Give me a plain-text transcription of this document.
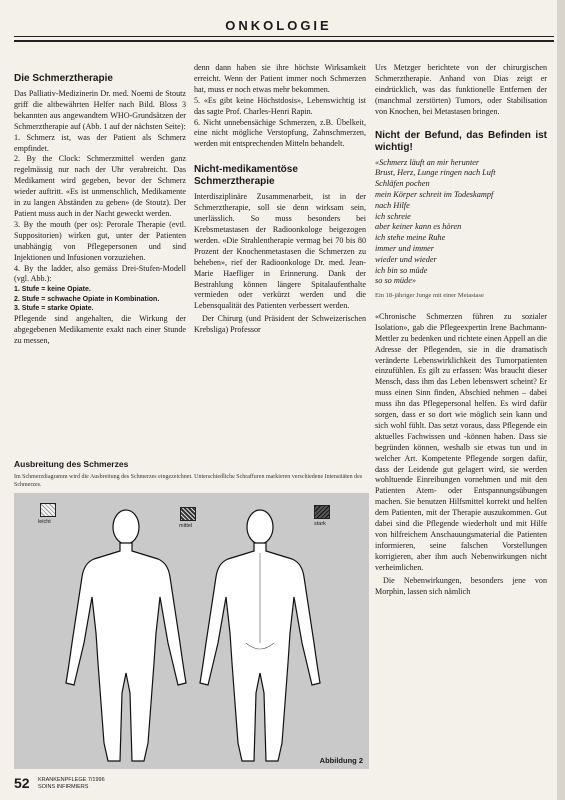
ONKOLOGIE
Die Schmerztherapie

Das Palliativ-Medizinerin Dr. med. Noemi de Stoutz griff die altbewährten Helfer nach Bild. Bloss 3 bekannten aus angewandtem WHO-Grundsätzen der Schmerztherapie auf (Abb. 1 auf der nächsten Seite):

1. Schmerz ist, was der Patient als Schmerz empfindet.
2. By the Clock: Schmerzmittel werden ganz regelmässig nur nach der Uhr verabreicht. Das Medikament wird gegeben, bevor der Schmerz wieder auftritt. «Es ist unmenschlich, Medikamente in zu langen Abständen zu geben» (de Stoutz). Der Patient muss auch in der Nacht geweckt werden.
3. By the mouth (per os): Perorale Therapie (evtl. Suppositorien) wirken gut, unter der Patienten unabhängig von Pflegepersonen und sind Injektionen und Infusionen vorzuziehen.
4. By the ladder, also gemäss Drei-Stufen-Modell (vgl. Abb.):

1. Stufe = keine Opiate.

2. Stufe = schwache Opiate in Kombination.

3. Stufe = starke Opiate.

Pflegende sind angehalten, die Wirkung der abgegebenen Medikamente exakt nach einer Stunde zu messen,

denn dann haben sie ihre höchste Wirksamkeit erreicht. Wenn der Patient immer noch Schmerzen hat, muss er noch etwas mehr bekommen.

5. «Es gibt keine Höchstdosis», Lebenswichtig ist das sagte Prof. Charles-Henri Rapin.
6. Nicht unnebensächige Schmerzen, z.B. Übelkeit, eine nicht mögliche Verstopfung, Zahnschmerzen, werden mit entsprechenden Mitteln behandelt.
Nicht-medikamentöse Schmerztherapie

Interdisziplinäre Zusammenarbeit, ist in der Schmerztherapie, soll sie denn wirksam sein, unerlässlich. So muss besonders bei Krebsmetastasen der Radioonkologe beigezogen werden. «Die Strahlentherapie vermag bei 70 bis 80 Prozent der Knochenmetastasen die Schmerzen zu beheben», rief der Radioonkologe Dr. med. Jean-Marie Haefliger in Erinnerung. Dank der Bestrahlung können längere Spitalaufenthalte vermieden oder verkürzt werden und die Lebensqualität des Patienten verbessert werden.

Der Chirurg (und Präsident der Schweizerischen Krebsliga) Professor

Urs Metzger berichtete von der chirurgischen Schmerztherapie. Anhand von Dias zeigt er eindrücklich, was das funktionelle Entfernen der (manchmal zerstörten) Tumors, oder Stabilisation von Knochen, bei Metastasen bringen.

Nicht der Befund, das Befinden ist wichtig!

«Schmerz läuft an mir herunter

Brust, Herz, Lunge ringen nach Luft

Schläfen pochen

mein Körper schreit im Todeskampf

nach Hilfe

ich schreie

aber keiner kann es hören

ich stehe meine Ruhe

immer und immer

wieder und wieder

ich bin so müde

so so müde»

Ein 18-jähriger Junge mit einer Metastase

«Chronische Schmerzen führen zu sozialer Isolation», gab die Pflegeexpertin Irene Bachmann-Mettler zu bedenken und richtete einen Appell an die Adresse der Pflegenden, sie in die dramatisch veränderte Lebenswirklichkeit des Tumorpatienten einzufühlen. Es gilt zu erfassen: Was braucht dieser Mensch, dass ihm das Leben lebenswert scheint? Er muss einen Sinn finden, Abschied nehmen – dabei muss ihn das Pflegepersonal helfen. Es wird dafür sorgen, dass er so dort wie möglich sein kann und sich wohl fühlt. Das setzt voraus, dass Pflegende ein aktuelles Fachwissen und -können haben. Dass sie begründen können, weshalb sie etwas tun und in welcher Art. Kompetente Pflegende sorgen dafür, dass der Leidende gut gelagert wird, sie werden wohltuende Einreibungen vornehmen und mit den Patienten Atem- oder Entspannungsübungen machen. Sie benutzen Hilfsmittel korrekt und helfen dem Patienten, mit der Therapie auszukommen. Gut dabei sind die Pflegende wiederholt und mit Hilfe von hilfreichem Anschauungsmaterial die Patienten informieren, seine falschen Vorstellungen korrigieren, aber ihm auch Nebenwirkungen nicht verheimlichen.

Die Nebenwirkungen, besonders jene von Morphin, lassen sich nämlich

Ausbreitung des Schmerzes
Im Schmerzdiagramm wird die Ausbreitung des Schmerzes eingezeichnet. Unterschiedliche Schraffuren markieren verschiedene Intensitäten des Schmerzes.
leicht
mittel	stark
Abbildung 2
52 KRANKENPFLEGE 7/1996
SOINS INFIRMIERS
